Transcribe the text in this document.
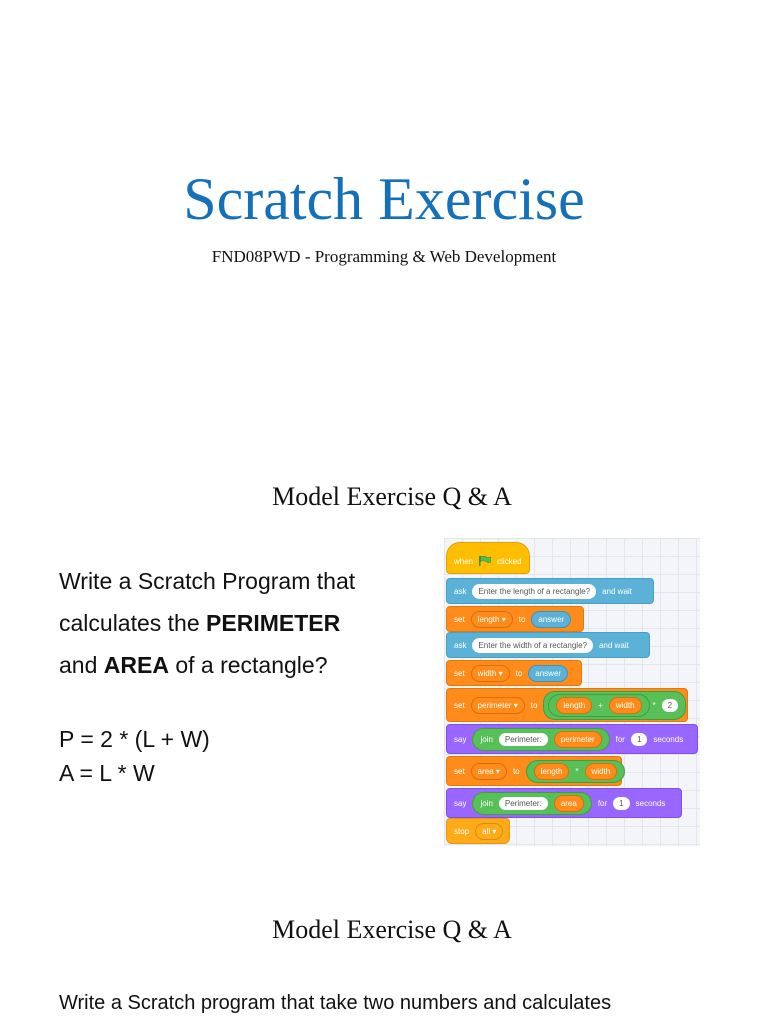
Scratch Exercise
FND08PWD - Programming & Web Development
Model Exercise Q & A
Write a Scratch Program that calculates the PERIMETER
and AREA of a rectangle?
P = 2 * (L + W)
A = L * W
when	clicked
ask	Enter the length of a rectangle?	and wait
set	length ▾	to	answer
ask	Enter the width of a rectangle?	and wait
set	width ▾	to	answer
set	perimeter ▾	to	length	+	width	*	2
say join	Perimeter:	perimeter	for	1	seconds
set	area ▾	to	length	*	width
say join	Perimeter:	area	for	1	seconds
stop	all ▾
Model Exercise Q & A
Write a Scratch program that take two numbers and calculates
